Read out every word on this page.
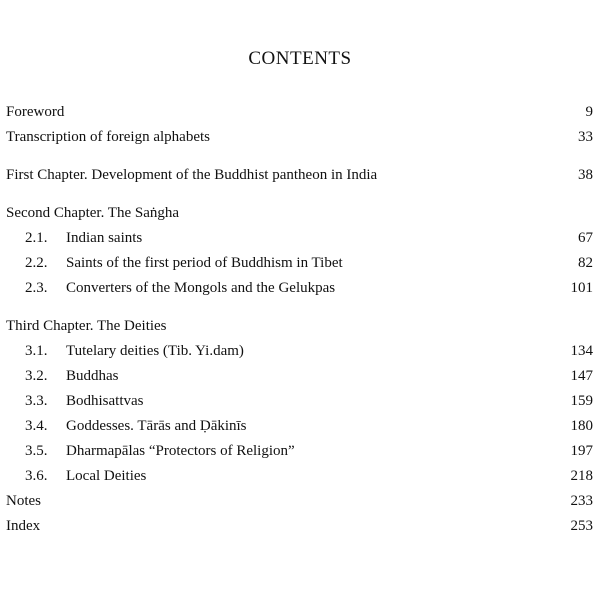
CONTENTS
Foreword	9
Transcription of foreign alphabets	33
First Chapter. Development of the Buddhist pantheon in India	38
Second Chapter. The Saṅgha
2.1. Indian saints	67
2.2. Saints of the first period of Buddhism in Tibet	82
2.3. Converters of the Mongols and the Gelukpas	101
Third Chapter. The Deities
3.1. Tutelary deities (Tib. Yi.dam)	134
3.2. Buddhas	147
3.3. Bodhisattvas	159
3.4. Goddesses. Tārās and Ḍākinīs	180
3.5. Dharmapālas “Protectors of Religion”	197
3.6. Local Deities	218
Notes	233
Index	253
